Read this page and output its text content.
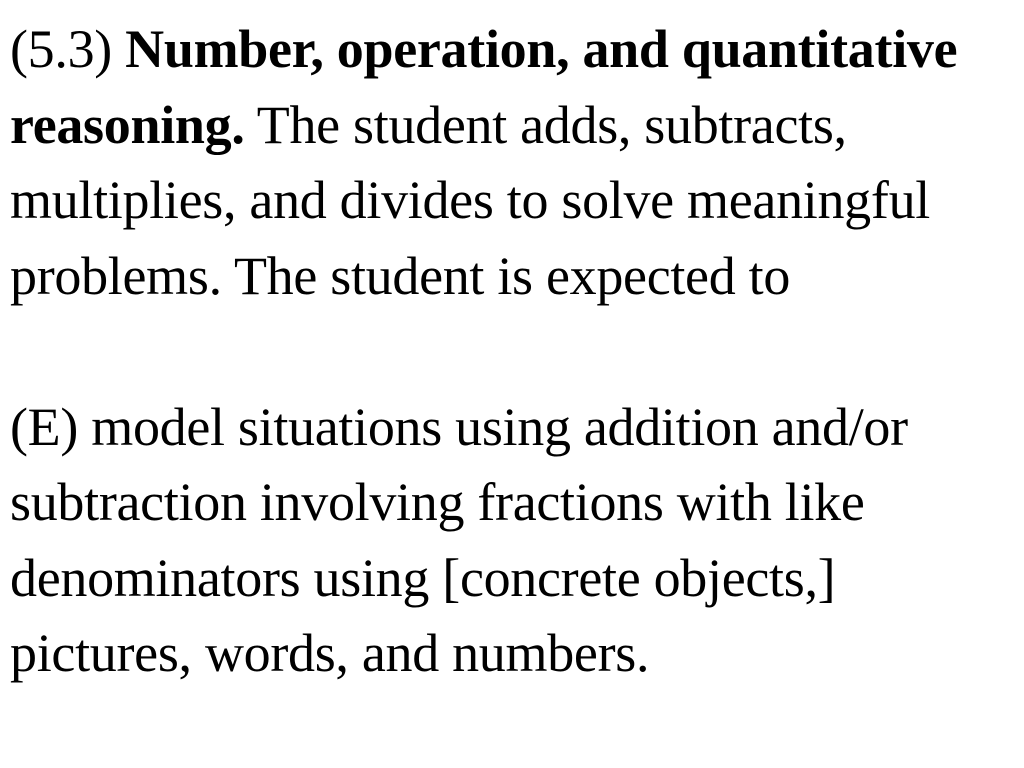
(5.3) Number, operation, and quantitative reasoning. The student adds, subtracts, multiplies, and divides to solve meaningful problems. The student is expected to

(E) model situations using addition and/or subtraction involving fractions with like denominators using [concrete objects,] pictures, words, and numbers.
